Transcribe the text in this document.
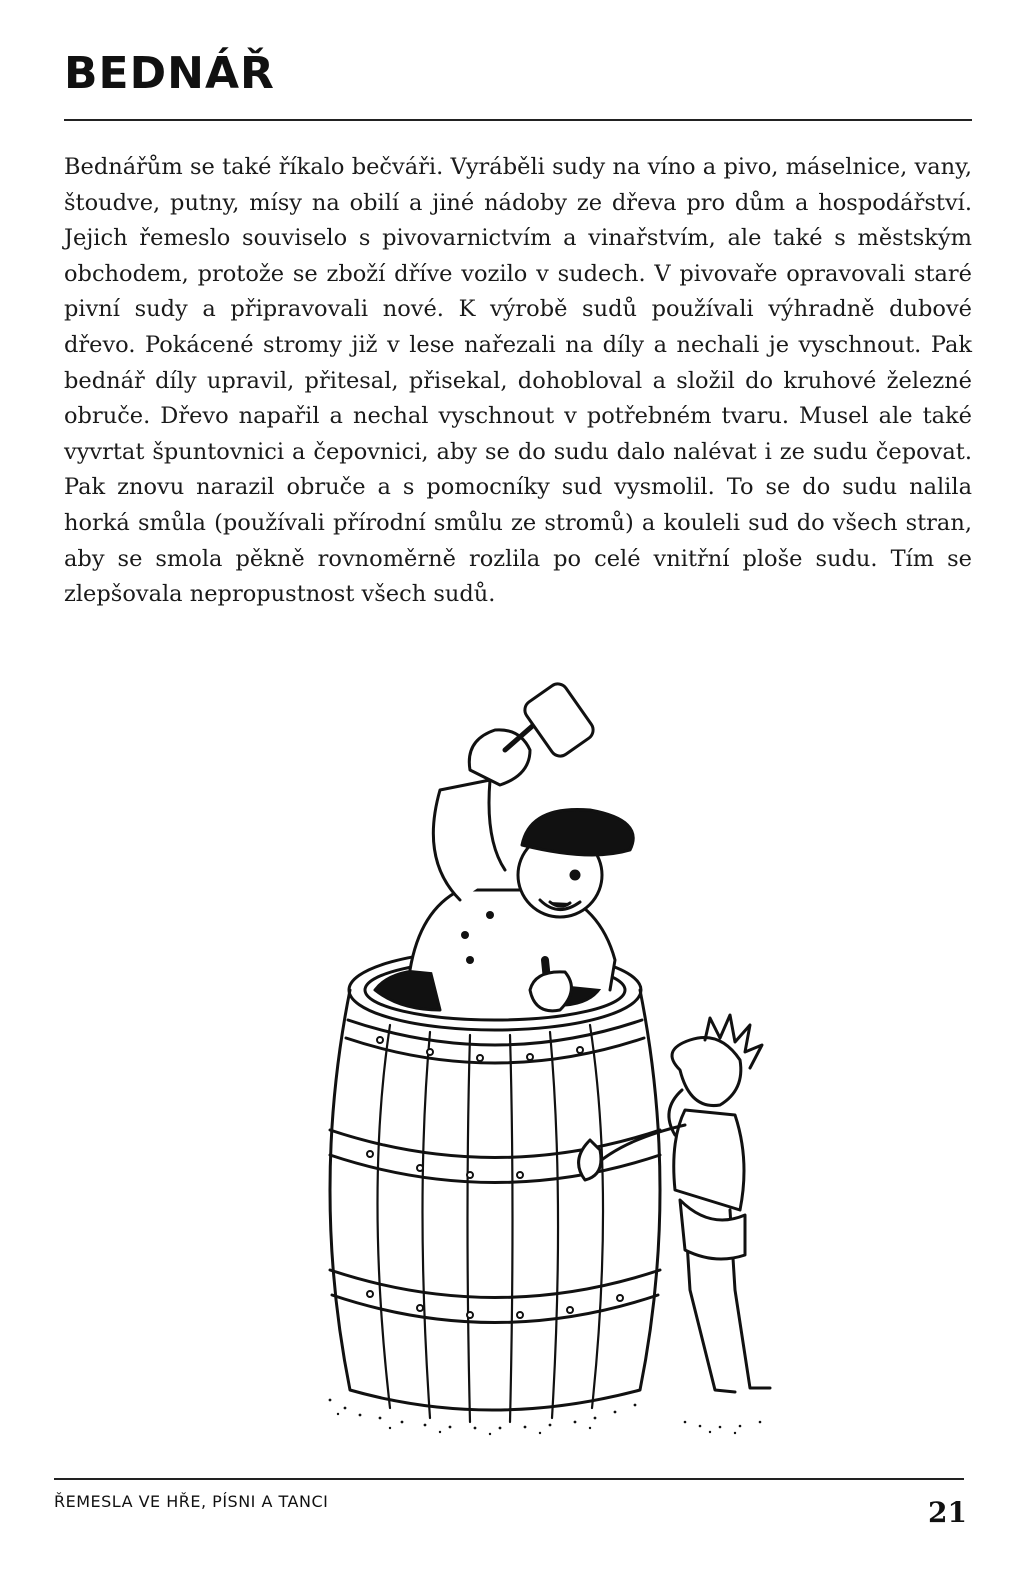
BEDNÁŘ

Bednářům se také říkalo bečváři. Vyráběli sudy na víno a pivo, máselnice, vany, štoudve, putny, mísy na obilí a jiné nádoby ze dřeva pro dům a hospodářství. Jejich řemeslo souviselo s pivovarnictvím a vinařstvím, ale také s městským obchodem, protože se zboží dříve vozilo v sudech. V pivovaře opravovali staré pivní sudy a připravovali nové. K výrobě sudů používali výhradně dubové dřevo. Pokácené stromy již v lese nařezali na díly a nechali je vyschnout. Pak bednář díly upravil, přitesal, přisekal, dohobloval a složil do kruhové železné obruče. Dřevo napařil a nechal vyschnout v potřebném tvaru. Musel ale také vyvrtat špuntovnici a čepovnici, aby se do sudu dalo nalévat i ze sudu čepovat. Pak znovu narazil obruče a s pomocníky sud vysmolil. To se do sudu nalila horká smůla (používali přírodní smůlu ze stromů) a kouleli sud do všech stran, aby se smola pěkně rovnoměrně rozlila po celé vnitřní ploše sudu. Tím se zlepšovala nepropustnost všech sudů.

ŘEMESLA VE HŘE, PÍSNI A TANCI	21
